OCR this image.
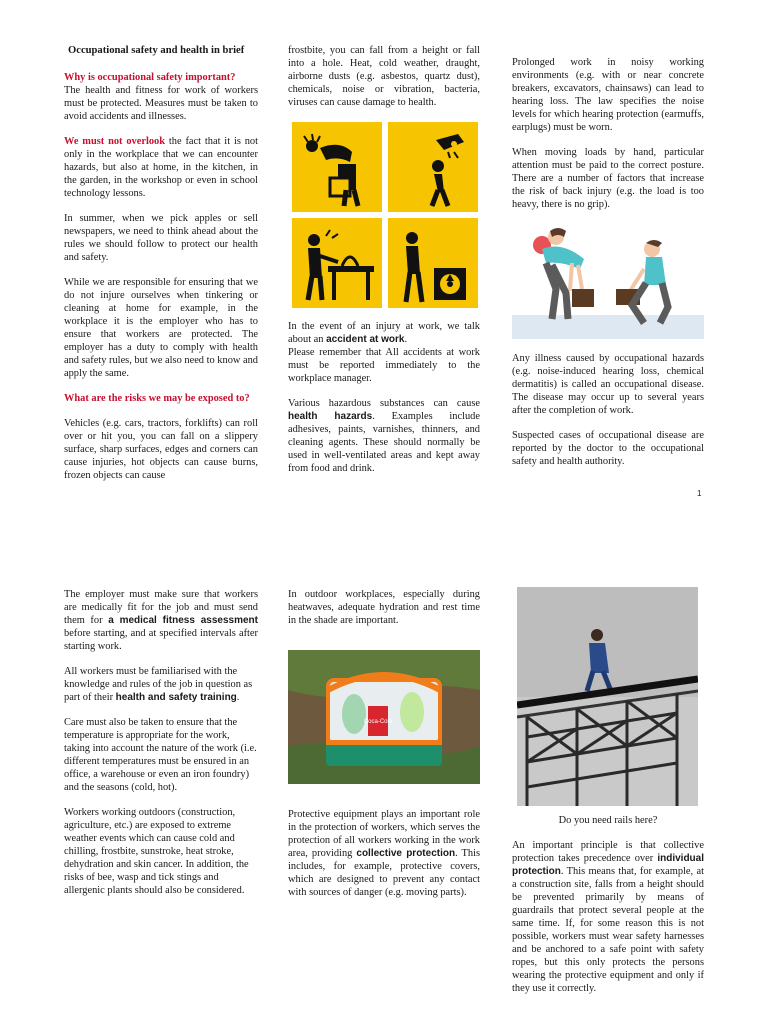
Occupational safety and health in brief
Why is occupational safety important?

The health and fitness for work of workers must be protected. Measures must be taken to avoid accidents and illnesses.

We must not overlook the fact that it is not only in the workplace that we can encounter hazards, but also at home, in the kitchen, in the garden, in the workshop or even in school technology lessons.

In summer, when we pick apples or sell newspapers, we need to think ahead about the rules we should follow to protect our health and safety.

While we are responsible for ensuring that we do not injure ourselves when tinkering or cleaning at home for example, in the workplace it is the employer who has to ensure that workers are protected. The employer has a duty to comply with health and safety rules, but we also need to know and apply the same.

What are the risks we may be exposed to?

Vehicles (e.g. cars, tractors, forklifts) can roll over or hit you, you can fall on a slippery surface, sharp surfaces, edges and corners can cause injuries, hot objects can cause burns, frozen objects can cause

frostbite, you can fall from a height or fall into a hole. Heat, cold weather, draught, airborne dusts (e.g. asbestos, quartz dust), chemicals, noise or vibration, bacteria, viruses can cause damage to health.

In the event of an injury at work, we talk about an accident at work.

Please remember that All accidents at work must be reported immediately to the workplace manager.

Various hazardous substances can cause health hazards. Examples include adhesives, paints, varnishes, thinners, and cleaning agents. These should normally be used in well-ventilated areas and kept away from food and drink.

Prolonged work in noisy working environments (e.g. with or near concrete breakers, excavators, chainsaws) can lead to hearing loss. The law specifies the noise levels for which hearing protection (earmuffs, earplugs) must be worn.

When moving loads by hand, particular attention must be paid to the correct posture. There are a number of factors that increase the risk of back injury (e.g. the load is too heavy, there is no grip).

Any illness caused by occupational hazards (e.g. noise-induced hearing loss, chemical dermatitis) is called an occupational disease. The disease may occur up to several years after the completion of work.

Suspected cases of occupational disease are reported by the doctor to the occupational safety and health authority.

1

The employer must make sure that workers are medically fit for the job and must send them for a medical fitness assessment before starting, and at specified intervals after starting work.

All workers must be familiarised with the knowledge and rules of the job in question as part of their health and safety training.

Care must also be taken to ensure that the temperature is appropriate for the work, taking into account the nature of the work (i.e. different temperatures must be ensured in an office, a warehouse or even an iron foundry) and the seasons (cold, hot).

Workers working outdoors (construction, agriculture, etc.) are exposed to extreme weather events which can cause cold and chilling, frostbite, sunstroke, heat stroke, dehydration and skin cancer. In addition, the risks of bee, wasp and tick stings and allergenic plants should also be considered.

In outdoor workplaces, especially during heatwaves, adequate hydration and rest time in the shade are important.

Coca-Cola

Protective equipment plays an important role in the protection of workers, which serves the protection of all workers working in the work area, providing collective protection. This includes, for example, protective covers, which are designed to prevent any contact with sources of danger (e.g. moving parts).

Do you need rails here?

An important principle is that collective protection takes precedence over individual protection. This means that, for example, at a construction site, falls from a height should be prevented primarily by means of guardrails that protect several people at the same time. If, for some reason this is not possible, workers must wear safety harnesses and be anchored to a safe point with safety ropes, but this only protects the persons wearing the protective equipment and only if they use it correctly.
